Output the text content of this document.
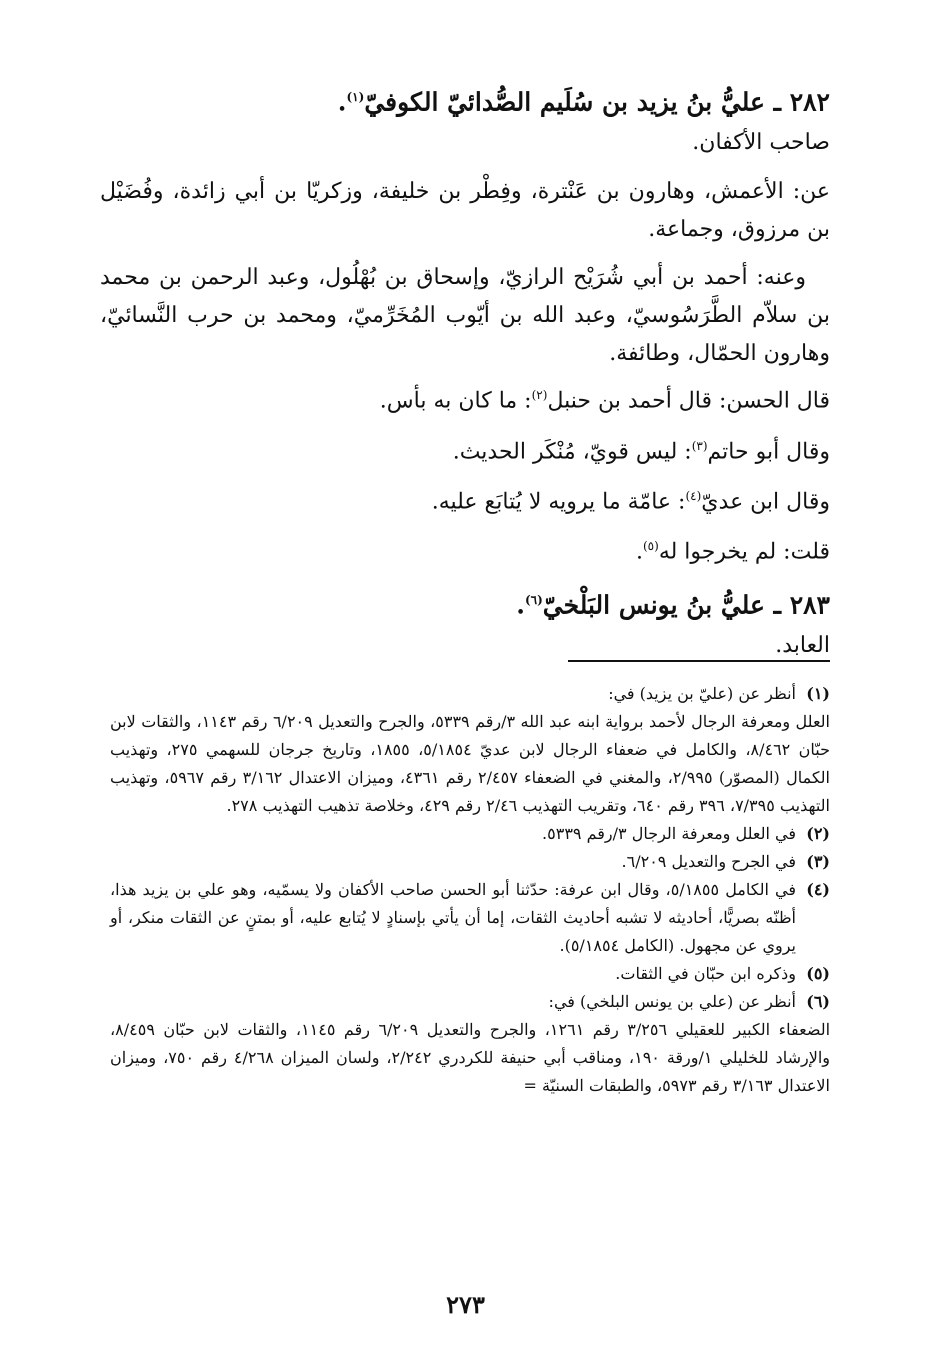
٢٨٢ ـ عليُّ بنُ يزيد بن سُلَيم الصُّدائيّ الكوفيّ$^{(١)}$.

صاحب الأكفان.

عن: الأعمش، وهارون بن عَنْترة، وفِطْر بن خليفة، وزكريّا بن أبي زائدة، وفُضَيْل بن مرزوق، وجماعة.

وعنه: أحمد بن أبي شُرَيْح الرازيّ، وإسحاق بن بُهْلُول، وعبد الرحمن بن محمد بن سلاّم الطَّرَسُوسيّ، وعبد الله بن أيّوب المُخَرِّميّ، ومحمد بن حرب النَّسائيّ، وهارون الحمّال، وطائفة.

قال الحسن: قال أحمد بن حنبل$^{(٢)}$: ما كان به بأس.

وقال أبو حاتم$^{(٣)}$: ليس قويّ، مُنْكَر الحديث.

وقال ابن عديّ$^{(٤)}$: عامّة ما يرويه لا يُتابَع عليه.

قلت: لم يخرجوا له$^{(٥)}$.

٢٨٣ ـ عليُّ بنُ يونس البَلْخيّ$^{(٦)}$.

العابد.

(١)
أنظر عن (عليّ بن يزيد) في:

العلل ومعرفة الرجال لأحمد برواية ابنه عبد الله ٣/رقم ٥٣٣٩، والجرح والتعديل ٦/٢٠٩ رقم ١١٤٣، والثقات لابن حبّان ٨/٤٦٢، والكامل في ضعفاء الرجال لابن عديّ ٥/١٨٥٤، ١٨٥٥، وتاريخ جرجان للسهمي ٢٧٥، وتهذيب الكمال (المصوّر) ٢/٩٩٥، والمغني في الضعفاء ٢/٤٥٧ رقم ٤٣٦١، وميزان الاعتدال ٣/١٦٢ رقم ٥٩٦٧، وتهذيب التهذيب ٧/٣٩٥، ٣٩٦ رقم ٦٤٠، وتقريب التهذيب ٢/٤٦ رقم ٤٢٩، وخلاصة تذهيب التهذيب ٢٧٨.

(٢)
في العلل ومعرفة الرجال ٣/رقم ٥٣٣٩.
(٣)
في الجرح والتعديل ٦/٢٠٩.
(٤)
في الكامل ٥/١٨٥٥، وقال ابن عرفة: حدّثنا أبو الحسن صاحب الأكفان ولا يسمّيه، وهو علي بن يزيد هذا، أظنّه بصريًّا، أحاديثه لا تشبه أحاديث الثقات، إما أن يأتي بإسنادٍ لا يُتابع عليه، أو بمتنٍ عن الثقات منكر، أو يروي عن مجهول. (الكامل ٥/١٨٥٤).
(٥)
وذكره ابن حبّان في الثقات.
(٦)
أنظر عن (علي بن يونس البلخي) في:

الضعفاء الكبير للعقيلي ٣/٢٥٦ رقم ١٢٦١، والجرح والتعديل ٦/٢٠٩ رقم ١١٤٥، والثقات لابن حبّان ٨/٤٥٩، والإرشاد للخليلي ١/ورقة ١٩٠، ومناقب أبي حنيفة للكردري ٢/٢٤٢، ولسان الميزان ٤/٢٦٨ رقم ٧٥٠، وميزان الاعتدال ٣/١٦٣ رقم ٥٩٧٣، والطبقات السنيّة =

٢٧٣
